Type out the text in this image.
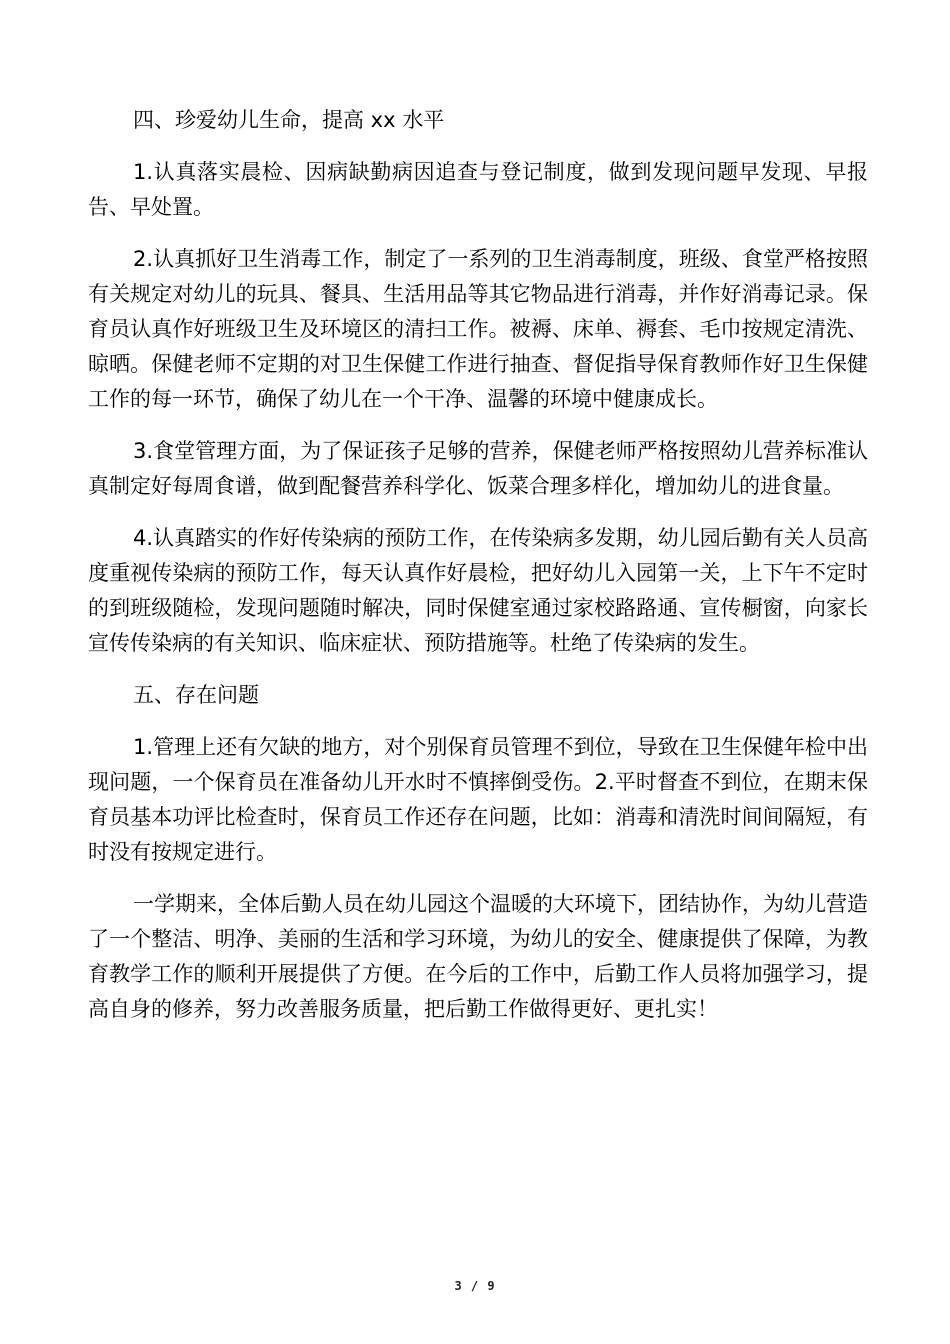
四、珍爱幼儿生命，提高 xx 水平

1.认真落实晨检、因病缺勤病因追查与登记制度，做到发现问题早发现、早报告、早处置。

2.认真抓好卫生消毒工作，制定了一系列的卫生消毒制度，班级、食堂严格按照有关规定对幼儿的玩具、餐具、生活用品等其它物品进行消毒，并作好消毒记录。保育员认真作好班级卫生及环境区的清扫工作。被褥、床单、褥套、毛巾按规定清洗、晾晒。保健老师不定期的对卫生保健工作进行抽查、督促指导保育教师作好卫生保健工作的每一环节，确保了幼儿在一个干净、温馨的环境中健康成长。

3.食堂管理方面，为了保证孩子足够的营养，保健老师严格按照幼儿营养标准认真制定好每周食谱，做到配餐营养科学化、饭菜合理多样化，增加幼儿的进食量。

4.认真踏实的作好传染病的预防工作，在传染病多发期，幼儿园后勤有关人员高度重视传染病的预防工作，每天认真作好晨检，把好幼儿入园第一关，上下午不定时的到班级随检，发现问题随时解决，同时保健室通过家校路路通、宣传橱窗，向家长宣传传染病的有关知识、临床症状、预防措施等。杜绝了传染病的发生。

五、存在问题

1.管理上还有欠缺的地方，对个别保育员管理不到位，导致在卫生保健年检中出现问题，一个保育员在准备幼儿开水时不慎摔倒受伤。2.平时督查不到位，在期末保育员基本功评比检查时，保育员工作还存在问题，比如：消毒和清洗时间间隔短，有时没有按规定进行。

一学期来，全体后勤人员在幼儿园这个温暖的大环境下，团结协作，为幼儿营造了一个整洁、明净、美丽的生活和学习环境，为幼儿的安全、健康提供了保障，为教育教学工作的顺利开展提供了方便。在今后的工作中，后勤工作人员将加强学习，提高自身的修养，努力改善服务质量，把后勤工作做得更好、更扎实！

3 / 9
